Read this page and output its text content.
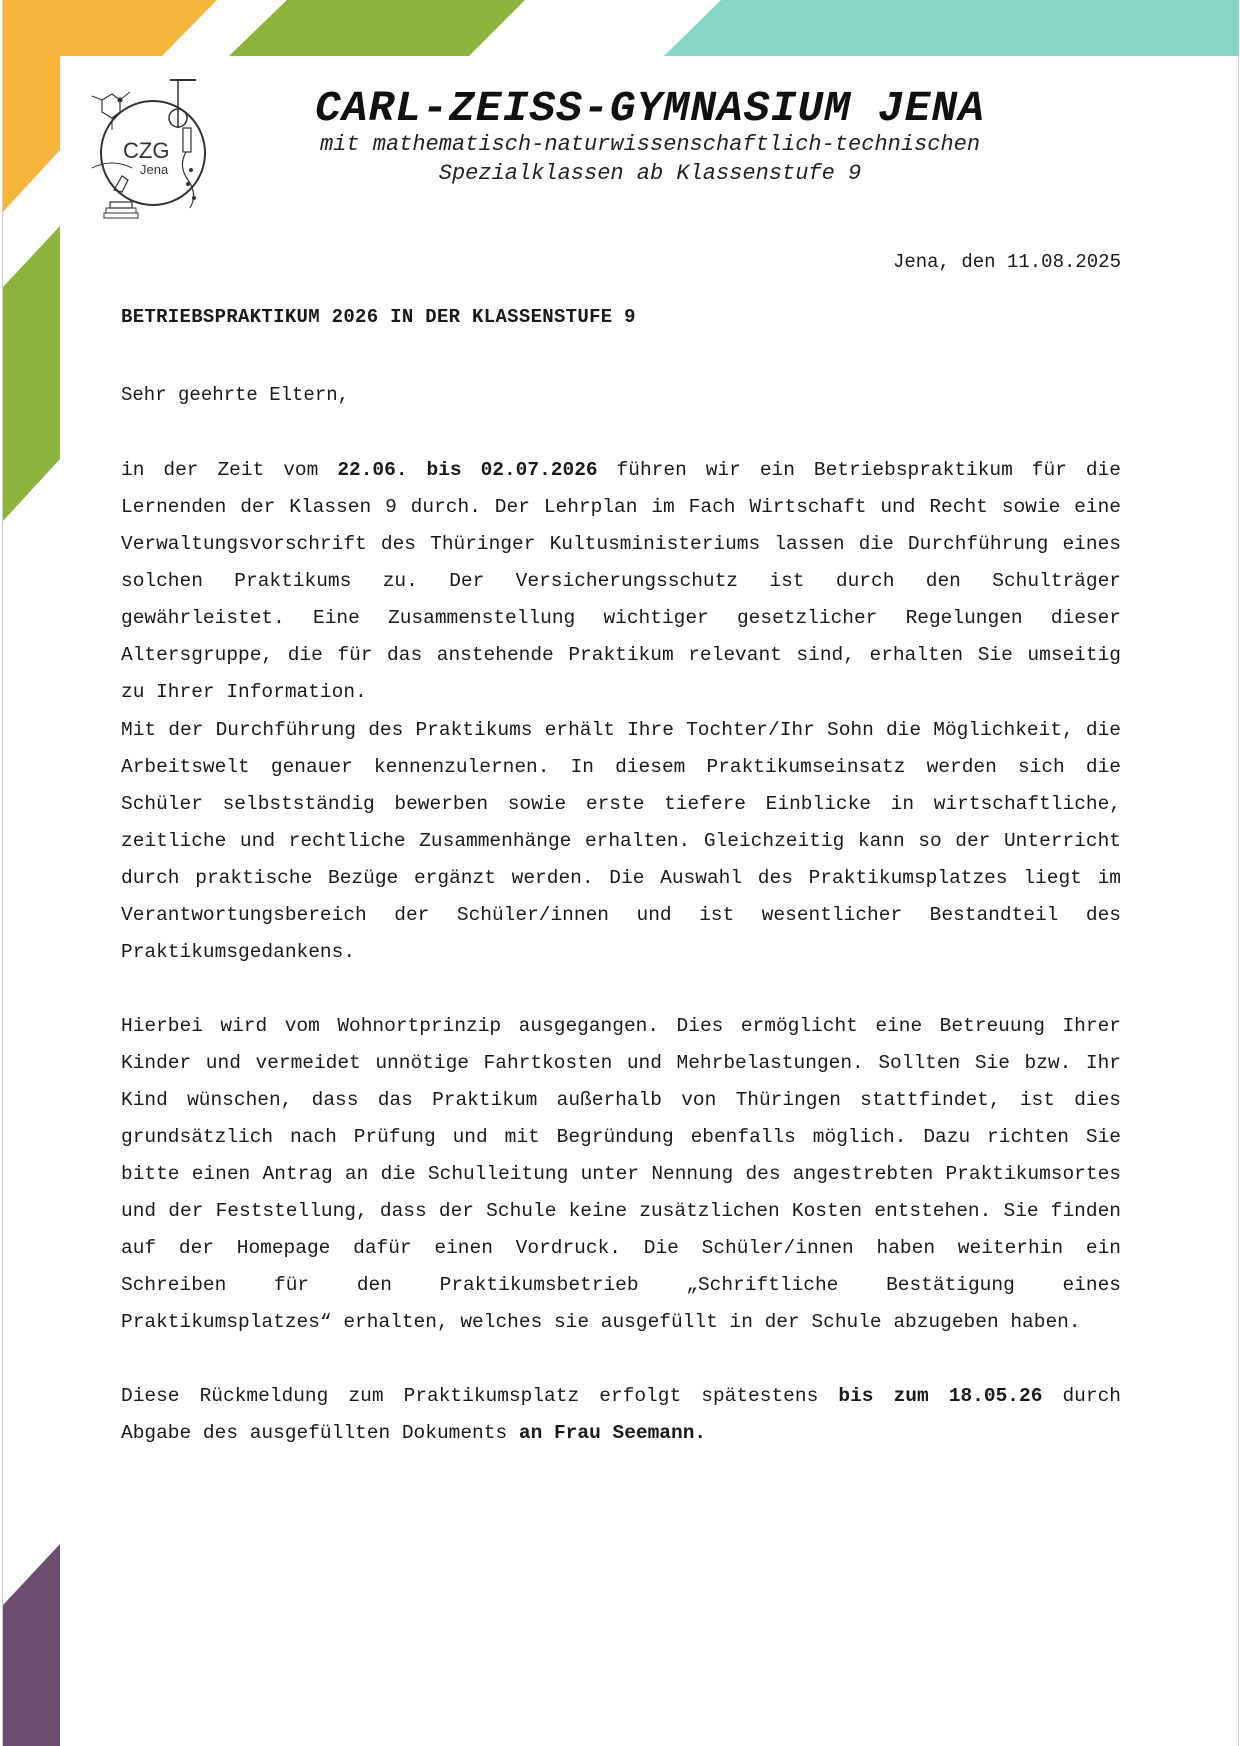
CZG
Jena
CARL-ZEISS-GYMNASIUM JENA
mit mathematisch-naturwissenschaftlich-technischen
Spezialklassen ab Klassenstufe 9
Jena, den 11.08.2025
BETRIEBSPRAKTIKUM 2026 IN DER KLASSENSTUFE 9
Sehr geehrte Eltern,

in der Zeit vom 22.06. bis 02.07.2026 führen wir ein Betriebspraktikum für die Lernenden der Klassen 9 durch. Der Lehrplan im Fach Wirtschaft und Recht sowie eine Verwaltungsvorschrift des Thüringer Kultusministeriums lassen die Durchführung eines solchen Praktikums zu. Der Versicherungsschutz ist durch den Schulträger gewährleistet. Eine Zusammenstellung wichtiger gesetzlicher Regelungen dieser Altersgruppe, die für das anstehende Praktikum relevant sind, erhalten Sie umseitig zu Ihrer Information.

Mit der Durchführung des Praktikums erhält Ihre Tochter/Ihr Sohn die Möglichkeit, die Arbeitswelt genauer kennenzulernen. In diesem Praktikumseinsatz werden sich die Schüler selbstständig bewerben sowie erste tiefere Einblicke in wirtschaftliche, zeitliche und rechtliche Zusammenhänge erhalten. Gleichzeitig kann so der Unterricht durch praktische Bezüge ergänzt werden. Die Auswahl des Praktikumsplatzes liegt im Verantwortungsbereich der Schüler/innen und ist wesentlicher Bestandteil des Praktikumsgedankens.

Hierbei wird vom Wohnortprinzip ausgegangen. Dies ermöglicht eine Betreuung Ihrer Kinder und vermeidet unnötige Fahrtkosten und Mehrbelastungen. Sollten Sie bzw. Ihr Kind wünschen, dass das Praktikum außerhalb von Thüringen stattfindet, ist dies grundsätzlich nach Prüfung und mit Begründung ebenfalls möglich. Dazu richten Sie bitte einen Antrag an die Schulleitung unter Nennung des angestrebten Praktikumsortes und der Feststellung, dass der Schule keine zusätzlichen Kosten entstehen. Sie finden auf der Homepage dafür einen Vordruck. Die Schüler/innen haben weiterhin ein Schreiben für den Praktikumsbetrieb „Schriftliche Bestätigung eines Praktikumsplatzes“ erhalten, welches sie ausgefüllt in der Schule abzugeben haben.

Diese Rückmeldung zum Praktikumsplatz erfolgt spätestens bis zum 18.05.26 durch Abgabe des ausgefüllten Dokuments an Frau Seemann.
